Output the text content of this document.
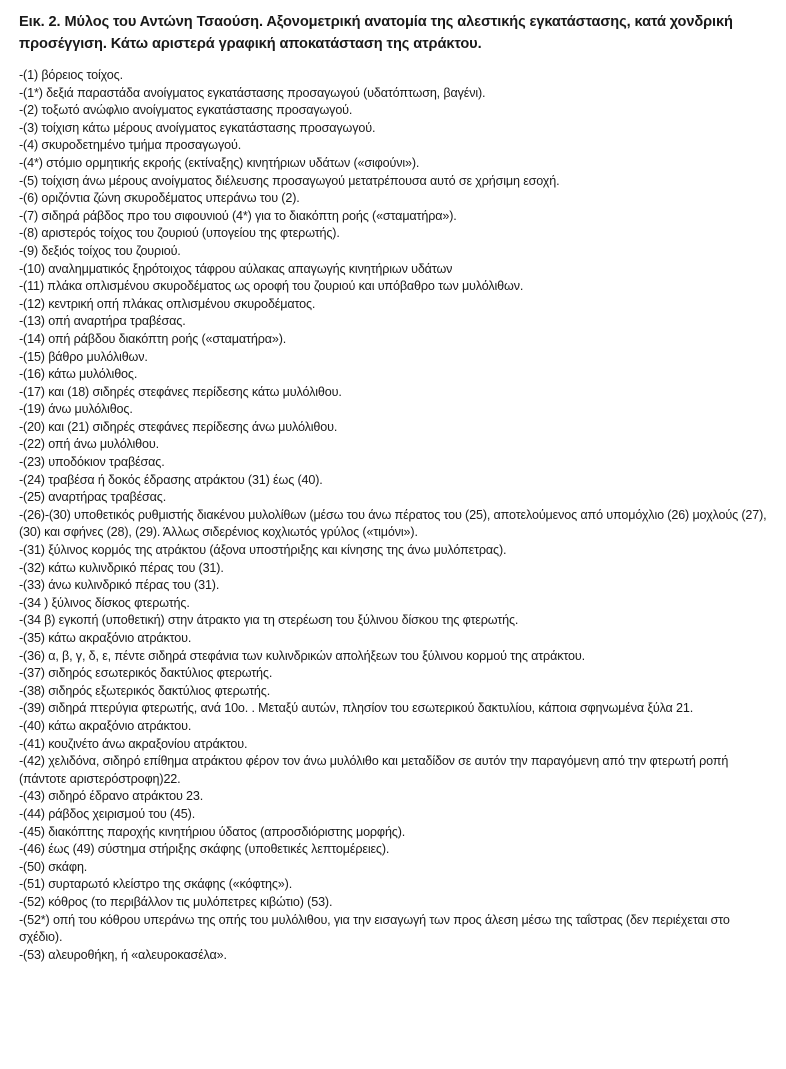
Εικ. 2. Μύλος του Αντώνη Τσαούση. Αξονομετρική ανατομία της αλεστικής εγκατάστασης, κατά χονδρική προσέγγιση. Κάτω αριστερά γραφική αποκατάσταση της ατράκτου.
-(1) βόρειος τοίχος.
-(1*) δεξιά παραστάδα ανοίγματος εγκατάστασης προσαγωγού (υδατόπτωση, βαγένι).
-(2) τοξωτό ανώφλιο ανοίγματος εγκατάστασης προσαγωγού.
-(3) τοίχιση κάτω μέρους ανοίγματος εγκατάστασης προσαγωγού.
-(4) σκυροδετημένο τμήμα προσαγωγού.
-(4*) στόμιο ορμητικής εκροής (εκτίναξης) κινητήριων υδάτων («σιφούνι»).
-(5) τοίχιση άνω μέρους ανοίγματος διέλευσης προσαγωγού μετατρέπουσα αυτό σε χρήσιμη εσοχή.
-(6) οριζόντια ζώνη σκυροδέματος υπεράνω του (2).
-(7) σιδηρά ράβδος προ του σιφουνιού (4*) για το διακόπτη ροής («σταματήρα»).
-(8) αριστερός τοίχος του ζουριού (υπογείου της φτερωτής).
-(9) δεξιός τοίχος του ζουριού.
-(10) αναλημματικός ξηρότοιχος τάφρου αύλακας απαγωγής κινητήριων υδάτων
-(11) πλάκα οπλισμένου σκυροδέματος ως οροφή του ζουριού και υπόβαθρο των μυλόλιθων.
-(12) κεντρική οπή πλάκας οπλισμένου σκυροδέματος.
-(13) οπή αναρτήρα τραβέσας.
-(14) οπή ράβδου διακόπτη ροής («σταματήρα»).
-(15) βάθρο μυλόλιθων.
-(16) κάτω μυλόλιθος.
-(17) και (18) σιδηρές στεφάνες περίδεσης κάτω μυλόλιθου.
-(19) άνω μυλόλιθος.
-(20) και (21) σιδηρές στεφάνες περίδεσης άνω μυλόλιθου.
-(22) οπή άνω μυλόλιθου.
-(23) υποδόκιον τραβέσας.
-(24) τραβέσα ή δοκός έδρασης ατράκτου (31) έως (40).
-(25) αναρτήρας τραβέσας.
-(26)-(30) υποθετικός ρυθμιστής διακένου μυλολίθων (μέσω του άνω πέρατος του (25), αποτελούμενος από υπομόχλιο (26) μοχλούς (27), (30) και σφήνες (28), (29). Άλλως σιδερένιος κοχλιωτός γρύλος («τιμόνι»).
-(31) ξύλινος κορμός της ατράκτου (άξονα υποστήριξης και κίνησης της άνω μυλόπετρας).
-(32) κάτω κυλινδρικό πέρας του (31).
-(33) άνω κυλινδρικό πέρας του (31).
-(34 ) ξύλινος δίσκος φτερωτής.
-(34 β) εγκοπή (υποθετική) στην άτρακτο για τη στερέωση του ξύλινου δίσκου της φτερωτής.
-(35) κάτω ακραξόνιο ατράκτου.
-(36) α, β, γ, δ, ε, πέντε σιδηρά στεφάνια των κυλινδρικών απολήξεων του ξύλινου κορμού της ατράκτου.
-(37) σιδηρός εσωτερικός δακτύλιος φτερωτής.
-(38) σιδηρός εξωτερικός δακτύλιος φτερωτής.
-(39) σιδηρά πτερύγια φτερωτής, ανά 10ο. . Μεταξύ αυτών, πλησίον του εσωτερικού δακτυλίου, κάποια σφηνωμένα ξύλα 21.
-(40) κάτω ακραξόνιο ατράκτου.
-(41) κουζινέτο άνω ακραξονίου ατράκτου.
-(42) χελιδόνα, σιδηρό επίθημα ατράκτου φέρον τον άνω μυλόλιθο και μεταδίδον σε αυτόν την παραγόμενη από την φτερωτή ροπή (πάντοτε αριστερόστροφη)22.
-(43) σιδηρό έδρανο ατράκτου 23.
-(44) ράβδος χειρισμού του (45).
-(45) διακόπτης παροχής κινητήριου ύδατος (απροσδιόριστης μορφής).
-(46) έως (49) σύστημα στήριξης σκάφης (υποθετικές λεπτομέρειες).
-(50) σκάφη.
-(51) συρταρωτό κλείστρο της σκάφης («κόφτης»).
-(52) κόθρος (το περιβάλλον τις μυλόπετρες κιβώτιο) (53).
-(52*) οπή του κόθρου υπεράνω της οπής του μυλόλιθου, για την εισαγωγή των προς άλεση μέσω της ταΐστρας (δεν περιέχεται στο σχέδιο).
-(53) αλευροθήκη, ή «αλευροκασέλα».
